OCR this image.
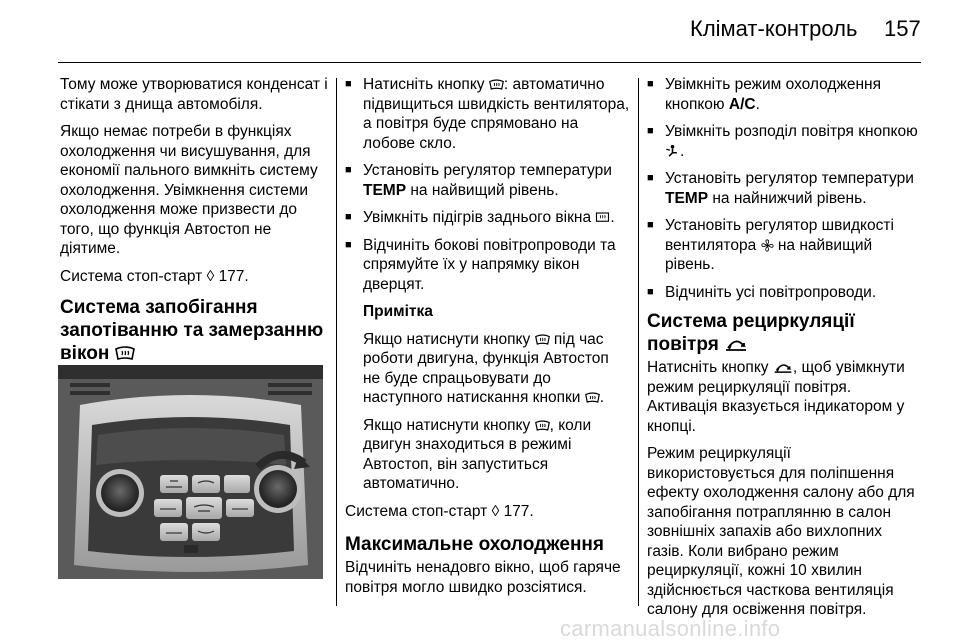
Клімат-контроль 157

Тому може утворюватися конденсат і стікати з днища автомобіля.

Якщо немає потреби в функціях охолодження чи висушування, для економії пального вимкніть систему охолодження. Увімкнення системи охолодження може призвести до того, що функція Автостоп не діятиме.

Система стоп-старт ◊ 177.

Система запобігання запотіванню та замерзанню вікон
■ Натисніть кнопку : автоматично підвищиться швидкість вентилятора, а повітря буде спрямовано на лобове скло.
■ Установіть регулятор температури TEMP на найвищий рівень.
■ Увімкніть підігрів заднього вікна .
■ Відчиніть бокові повітропроводи та спрямуйте їх у напрямку вікон дверцят.

Примітка

Якщо натиснути кнопку під час роботи двигуна, функція Автостоп не буде спрацьовувати до наступного натискання кнопки .

Якщо натиснути кнопку , коли двигун знаходиться в режимі Автостоп, він запуститься автоматично.

Система стоп-старт ◊ 177.

Максимальне охолодження

Відчиніть ненадовго вікно, щоб гаряче повітря могло швидко розсіятися.

■ Увімкніть режим охолодження кнопкою A/C.
■ Увімкніть розподіл повітря кнопкою .
■ Установіть регулятор температури TEMP на найнижчий рівень.
■ Установіть регулятор швидкості вентилятора на найвищий рівень.
■ Відчиніть усі повітропроводи.
Система рециркуляції повітря

Натисніть кнопку , щоб увімкнути режим рециркуляції повітря. Активація вказується індикатором у кнопці.

Режим рециркуляції використовується для поліпшення ефекту охолодження салону або для запобігання потраплянню в салон зовнішніх запахів або вихлопних газів. Коли вибрано режим рециркуляції, кожні 10 хвилин здійснюється часткова вентиляція салону для освіження повітря.

carmanualsonline.info
